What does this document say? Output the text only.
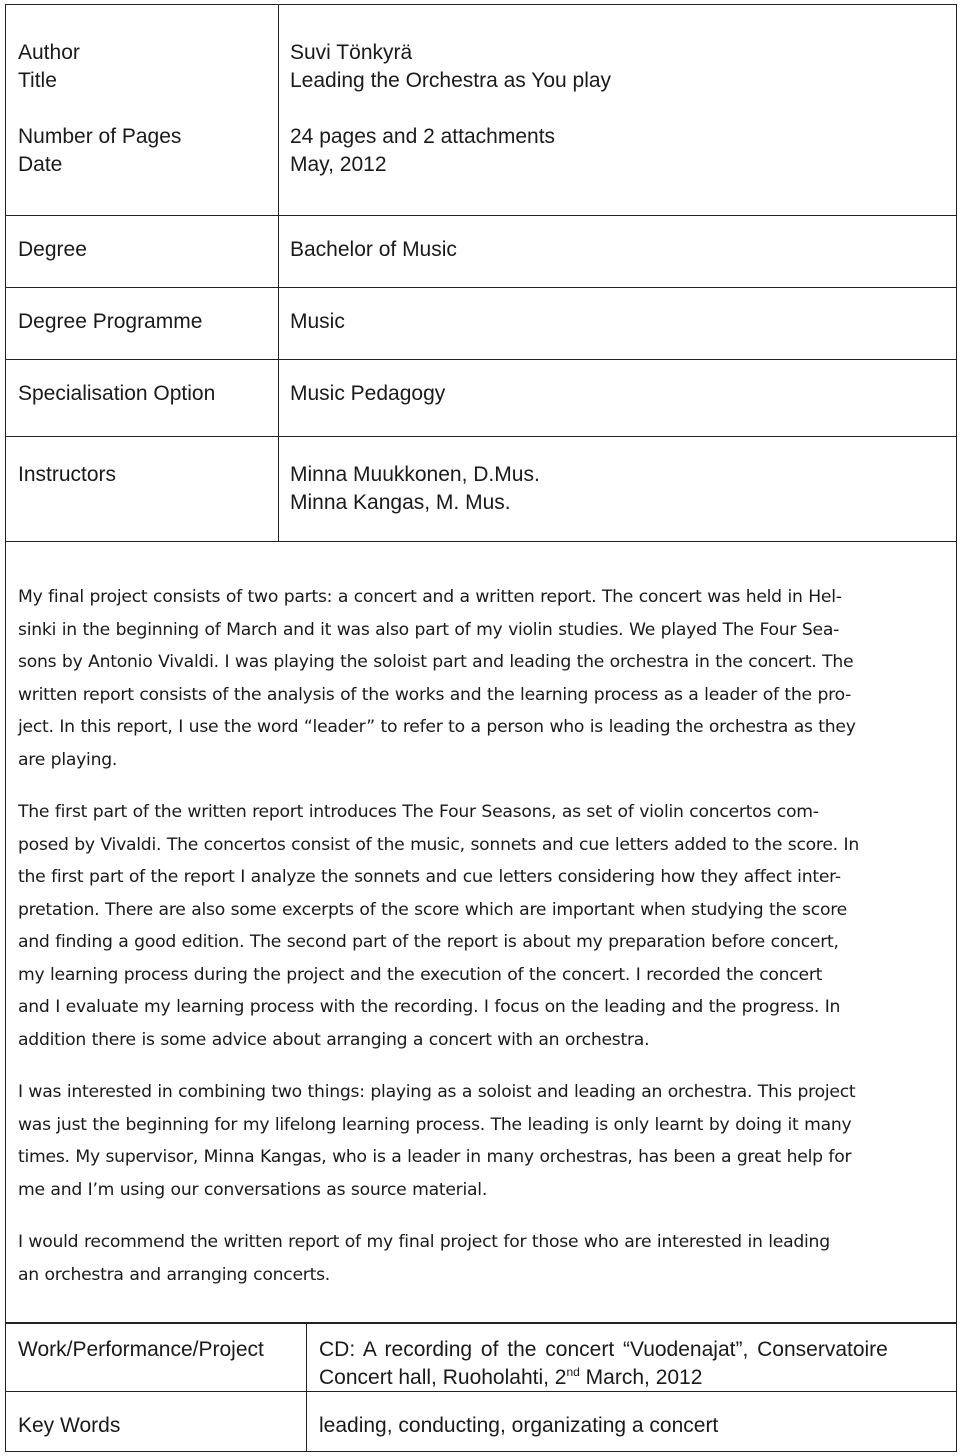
Author	Suvi Tönkyrä
Title	Leading the Orchestra as You play
Number of Pages	24 pages and 2 attachments
Date	May, 2012
Degree	Bachelor of Music
Degree Programme	Music
Specialisation Option	Music Pedagogy
Instructors	Minna Muukkonen, D.Mus.
Minna Kangas, M. Mus.

My final project consists of two parts: a concert and a written report. The concert was held in Hel-
sinki in the beginning of March and it was also part of my violin studies. We played The Four Sea-
sons by Antonio Vivaldi. I was playing the soloist part and leading the orchestra in the concert. The
written report consists of the analysis of the works and the learning process as a leader of the pro-
ject. In this report, I use the word “leader” to refer to a person who is leading the orchestra as they
are playing.

The first part of the written report introduces The Four Seasons, as set of violin concertos com-
posed by Vivaldi. The concertos consist of the music, sonnets and cue letters added to the score. In
the first part of the report I analyze the sonnets and cue letters considering how they affect inter-
pretation. There are also some excerpts of the score which are important when studying the score
and finding a good edition. The second part of the report is about my preparation before concert,
my learning process during the project and the execution of the concert. I recorded the concert
and I evaluate my learning process with the recording. I focus on the leading and the progress. In
addition there is some advice about arranging a concert with an orchestra.

I was interested in combining two things: playing as a soloist and leading an orchestra. This project
was just the beginning for my lifelong learning process. The leading is only learnt by doing it many
times. My supervisor, Minna Kangas, who is a leader in many orchestras, has been a great help for
me and I’m using our conversations as source material.

I would recommend the written report of my final project for those who are interested in leading
an orchestra and arranging concerts.

Work/Performance/Project	CD: A recording of the concert “Vuodenajat”, Conservatoire
Concert hall, Ruoholahti, 2nd March, 2012
Key Words	leading, conducting, organizating a concert
